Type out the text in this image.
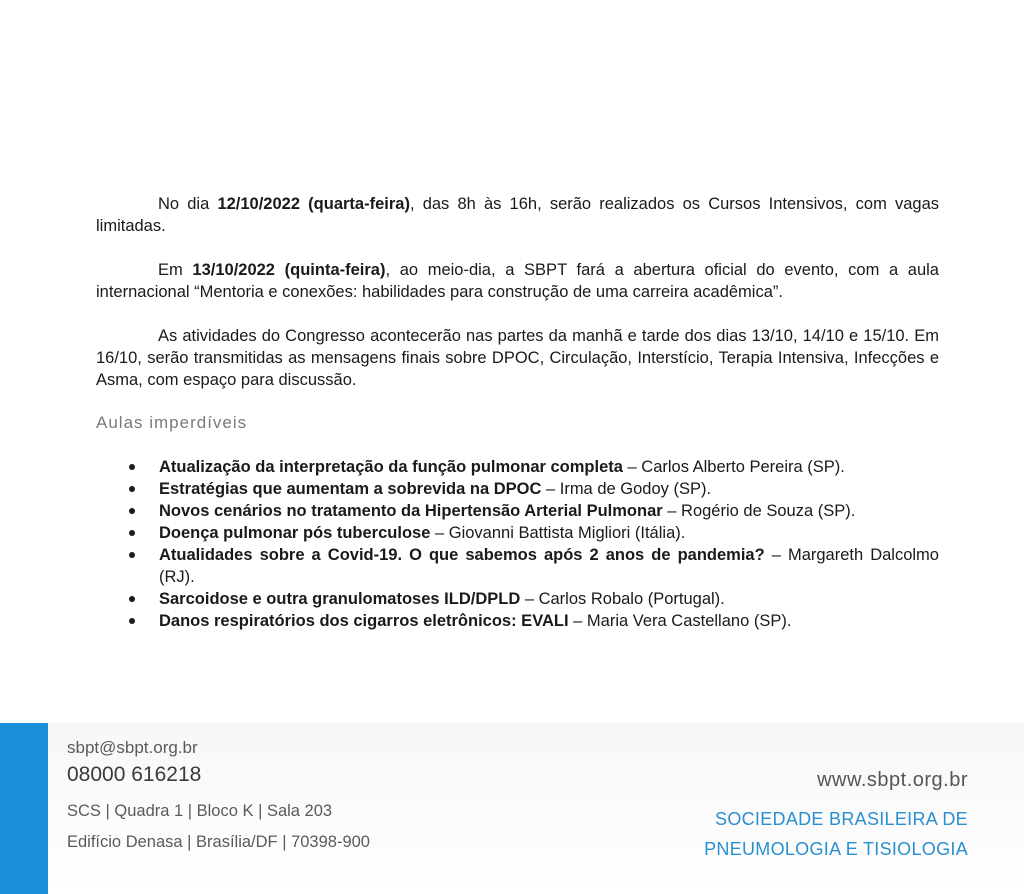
No dia 12/10/2022 (quarta-feira), das 8h às 16h, serão realizados os Cursos Intensivos, com vagas limitadas.

Em 13/10/2022 (quinta-feira), ao meio-dia, a SBPT fará a abertura oficial do evento, com a aula internacional “Mentoria e conexões: habilidades para construção de uma carreira acadêmica”.

As atividades do Congresso acontecerão nas partes da manhã e tarde dos dias 13/10, 14/10 e 15/10. Em 16/10, serão transmitidas as mensagens finais sobre DPOC, Circulação, Interstício, Terapia Intensiva, Infecções e Asma, com espaço para discussão.

Aulas imperdíveis
Atualização da interpretação da função pulmonar completa – Carlos Alberto Pereira (SP).
Estratégias que aumentam a sobrevida na DPOC – Irma de Godoy (SP).
Novos cenários no tratamento da Hipertensão Arterial Pulmonar – Rogério de Souza (SP).
Doença pulmonar pós tuberculose – Giovanni Battista Migliori (Itália).
Atualidades sobre a Covid-19. O que sabemos após 2 anos de pandemia? – Margareth Dalcolmo (RJ).
Sarcoidose e outra granulomatoses ILD/DPLD – Carlos Robalo (Portugal).
Danos respiratórios dos cigarros eletrônicos: EVALI – Maria Vera Castellano (SP).
sbpt@sbpt.org.br
08000 616218
SCS | Quadra 1 | Bloco K | Sala 203
Edifício Denasa | Brasília/DF | 70398-900
www.sbpt.org.br
SOCIEDADE BRASILEIRA DE
PNEUMOLOGIA E TISIOLOGIA
